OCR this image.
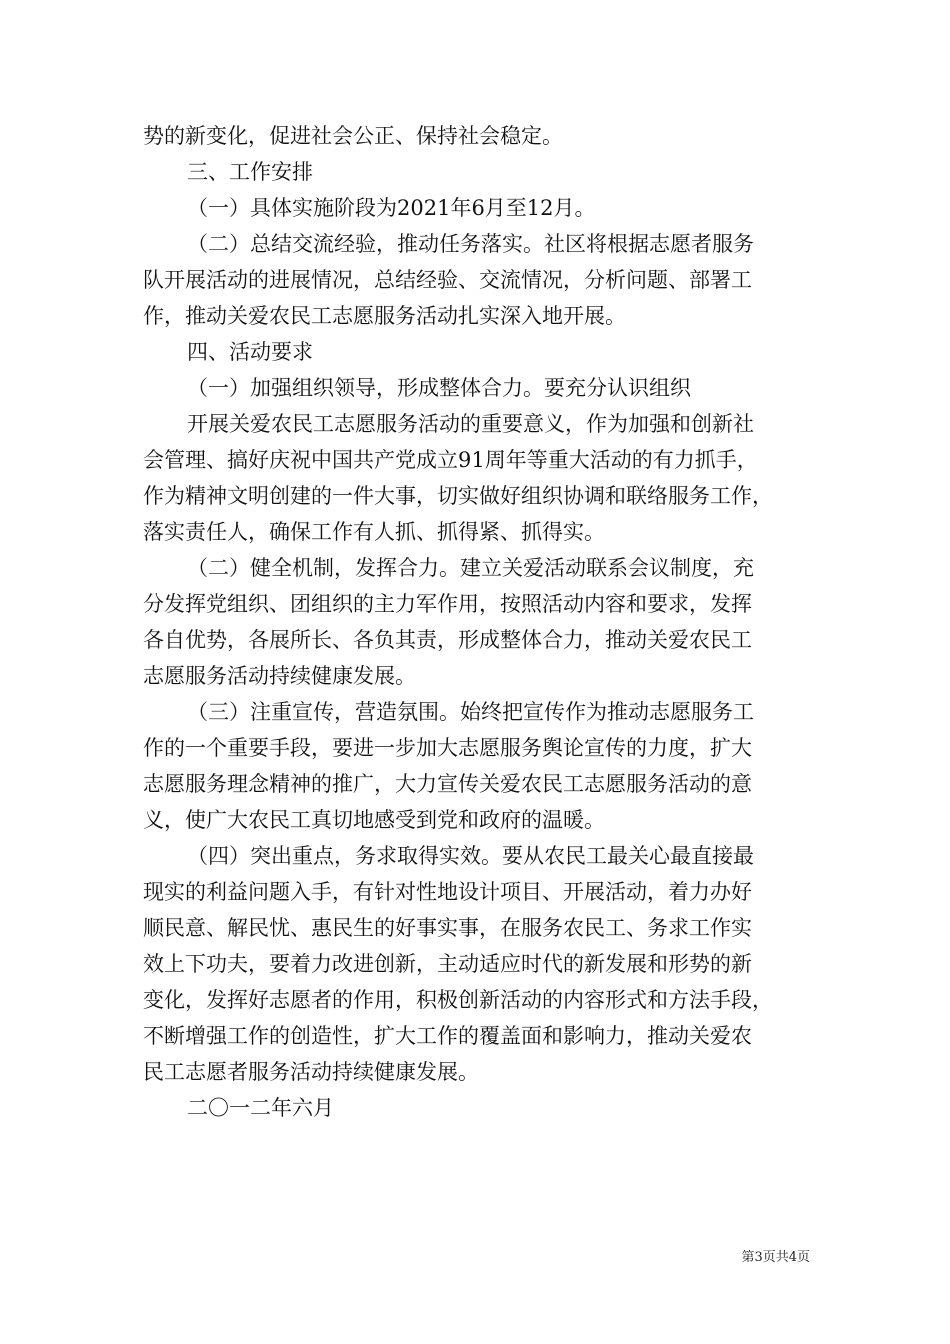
势的新变化，促进社会公正、保持社会稳定。
三、工作安排
（一）具体实施阶段为2021年6月至12月。
（二）总结交流经验，推动任务落实。社区将根据志愿者服务
队开展活动的进展情况，总结经验、交流情况，分析问题、部署工
作，推动关爱农民工志愿服务活动扎实深入地开展。
四、活动要求
（一）加强组织领导，形成整体合力。要充分认识组织
开展关爱农民工志愿服务活动的重要意义，作为加强和创新社
会管理、搞好庆祝中国共产党成立91周年等重大活动的有力抓手，
作为精神文明创建的一件大事，切实做好组织协调和联络服务工作，
落实责任人，确保工作有人抓、抓得紧、抓得实。
（二）健全机制，发挥合力。建立关爱活动联系会议制度，充
分发挥党组织、团组织的主力军作用，按照活动内容和要求，发挥
各自优势，各展所长、各负其责，形成整体合力，推动关爱农民工
志愿服务活动持续健康发展。
（三）注重宣传，营造氛围。始终把宣传作为推动志愿服务工
作的一个重要手段，要进一步加大志愿服务舆论宣传的力度，扩大
志愿服务理念精神的推广，大力宣传关爱农民工志愿服务活动的意
义，使广大农民工真切地感受到党和政府的温暖。
（四）突出重点，务求取得实效。要从农民工最关心最直接最
现实的利益问题入手，有针对性地设计项目、开展活动，着力办好
顺民意、解民忧、惠民生的好事实事，在服务农民工、务求工作实
效上下功夫，要着力改进创新，主动适应时代的新发展和形势的新
变化，发挥好志愿者的作用，积极创新活动的内容形式和方法手段，
不断增强工作的创造性，扩大工作的覆盖面和影响力，推动关爱农
民工志愿者服务活动持续健康发展。
二〇一二年六月
第3页共4页
